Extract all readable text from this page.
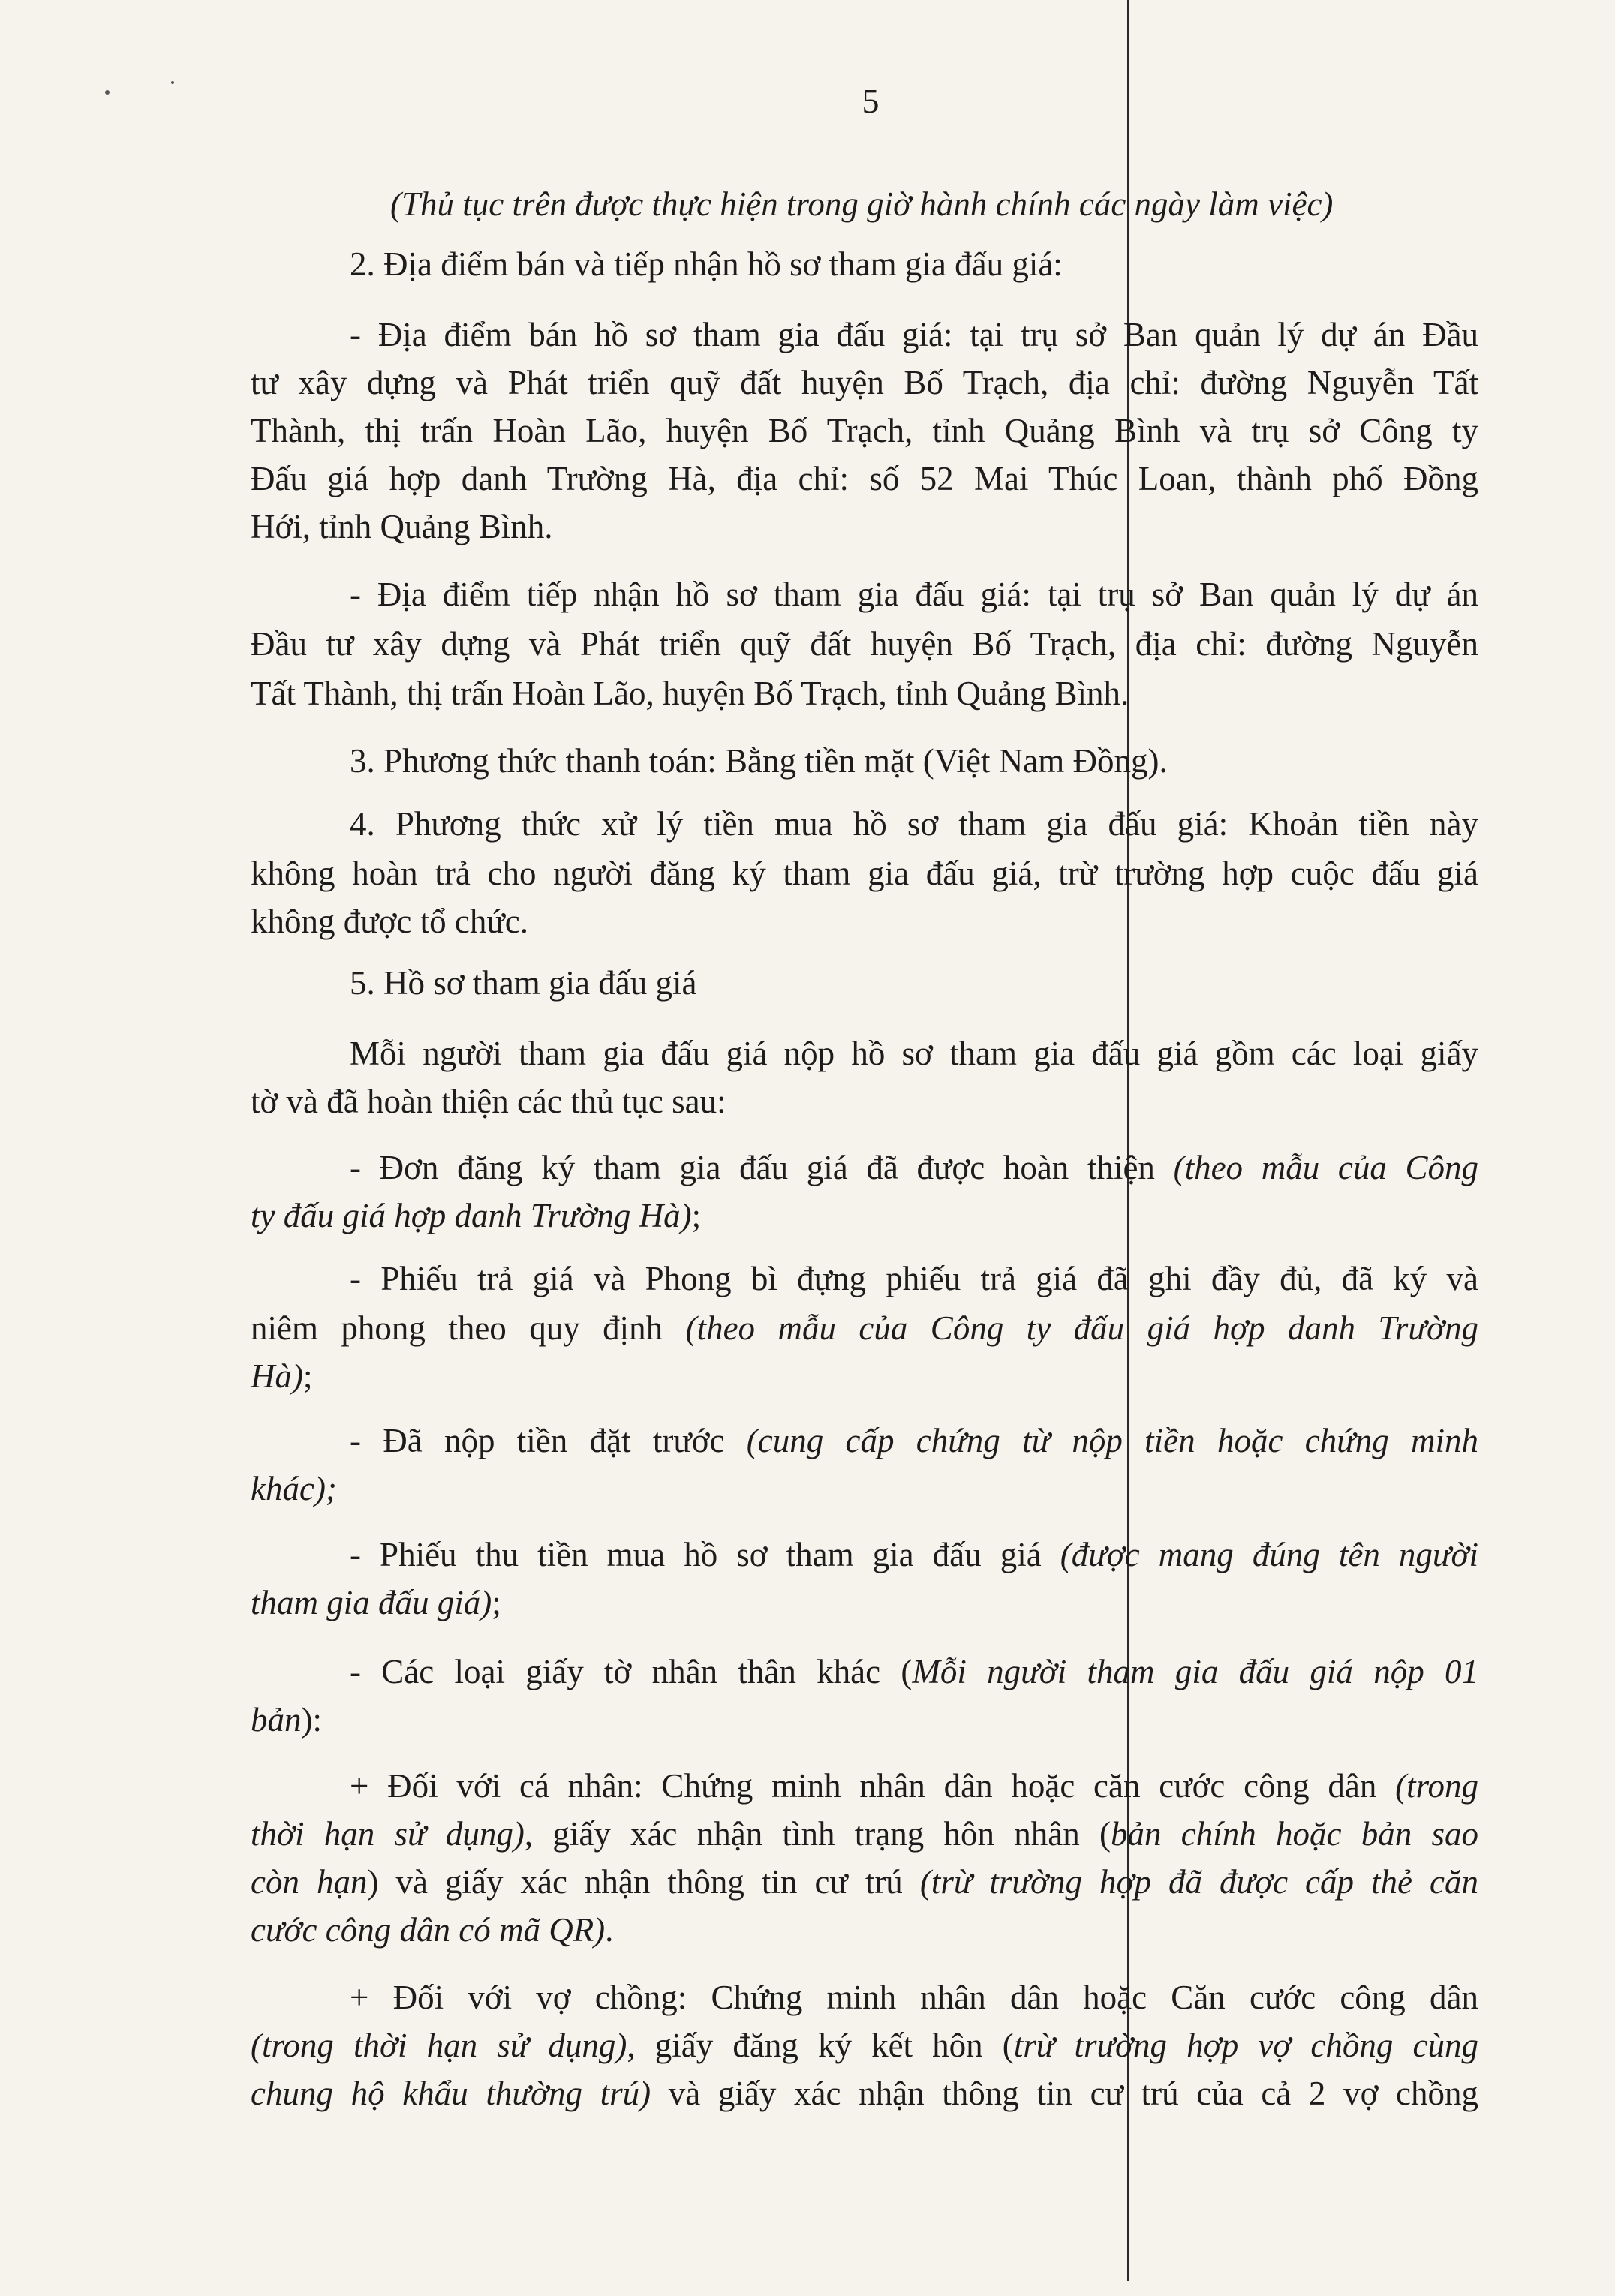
5
(Thủ tục trên được thực hiện trong giờ hành chính các ngày làm việc)
2. Địa điểm bán và tiếp nhận hồ sơ tham gia đấu giá:
- Địa điểm bán hồ sơ tham gia đấu giá: tại trụ sở Ban quản lý dự án Đầu
tư xây dựng và Phát triển quỹ đất huyện Bố Trạch, địa chỉ: đường Nguyễn Tất
Thành, thị trấn Hoàn Lão, huyện Bố Trạch, tỉnh Quảng Bình và trụ sở Công ty
Đấu giá hợp danh Trường Hà, địa chỉ: số 52 Mai Thúc Loan, thành phố Đồng
Hới, tỉnh Quảng Bình.
- Địa điểm tiếp nhận hồ sơ tham gia đấu giá: tại trụ sở Ban quản lý dự án
Đầu tư xây dựng và Phát triển quỹ đất huyện Bố Trạch, địa chỉ: đường Nguyễn
Tất Thành, thị trấn Hoàn Lão, huyện Bố Trạch, tỉnh Quảng Bình.
3. Phương thức thanh toán: Bằng tiền mặt (Việt Nam Đồng).
4. Phương thức xử lý tiền mua hồ sơ tham gia đấu giá: Khoản tiền này
không hoàn trả cho người đăng ký tham gia đấu giá, trừ trường hợp cuộc đấu giá
không được tổ chức.
5. Hồ sơ tham gia đấu giá
Mỗi người tham gia đấu giá nộp hồ sơ tham gia đấu giá gồm các loại giấy
tờ và đã hoàn thiện các thủ tục sau:
- Đơn đăng ký tham gia đấu giá đã được hoàn thiện (theo mẫu của Công
ty đấu giá hợp danh Trường Hà);
- Phiếu trả giá và Phong bì đựng phiếu trả giá đã ghi đầy đủ, đã ký và
niêm phong theo quy định (theo mẫu của Công ty đấu giá hợp danh Trường
Hà);
- Đã nộp tiền đặt trước (cung cấp chứng từ nộp tiền hoặc chứng minh
khác);
- Phiếu thu tiền mua hồ sơ tham gia đấu giá (được mang đúng tên người
tham gia đấu giá);
- Các loại giấy tờ nhân thân khác (Mỗi người tham gia đấu giá nộp 01
bản):
+ Đối với cá nhân: Chứng minh nhân dân hoặc căn cước công dân (trong
thời hạn sử dụng), giấy xác nhận tình trạng hôn nhân (bản chính hoặc bản sao
còn hạn) và giấy xác nhận thông tin cư trú (trừ trường hợp đã được cấp thẻ căn
cước công dân có mã QR).
+ Đối với vợ chồng: Chứng minh nhân dân hoặc Căn cước công dân
(trong thời hạn sử dụng), giấy đăng ký kết hôn (trừ trường hợp vợ chồng cùng
chung hộ khẩu thường trú) và giấy xác nhận thông tin cư trú của cả 2 vợ chồng
